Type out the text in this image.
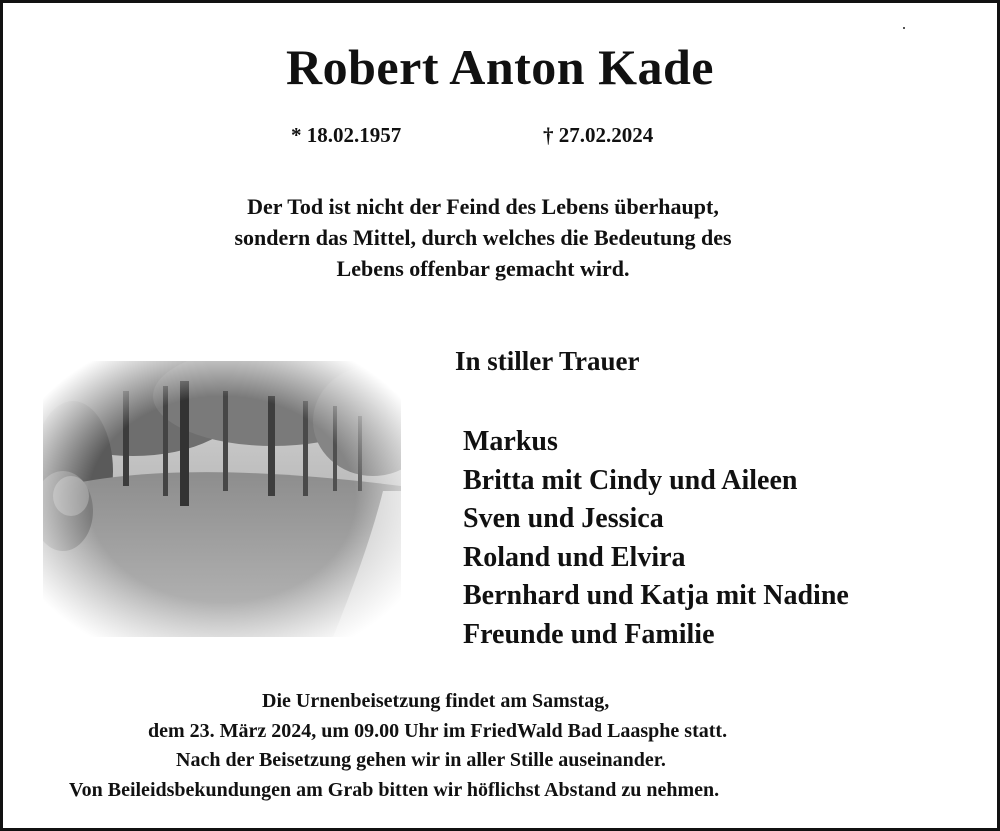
Robert Anton Kade
* 18.02.1957	† 27.02.2024
Der Tod ist nicht der Feind des Lebens überhaupt,
sondern das Mittel, durch welches die Bedeutung des
Lebens offenbar gemacht wird.
In stiller Trauer
Markus
Britta mit Cindy und Aileen
Sven und Jessica
Roland und Elvira
Bernhard und Katja mit Nadine
Freunde und Familie
Die Urnenbeisetzung findet am Samstag,
dem 23. März 2024, um 09.00 Uhr im FriedWald Bad Laasphe statt.
Nach der Beisetzung gehen wir in aller Stille auseinander.
Von Beileidsbekundungen am Grab bitten wir höflichst Abstand zu nehmen.
